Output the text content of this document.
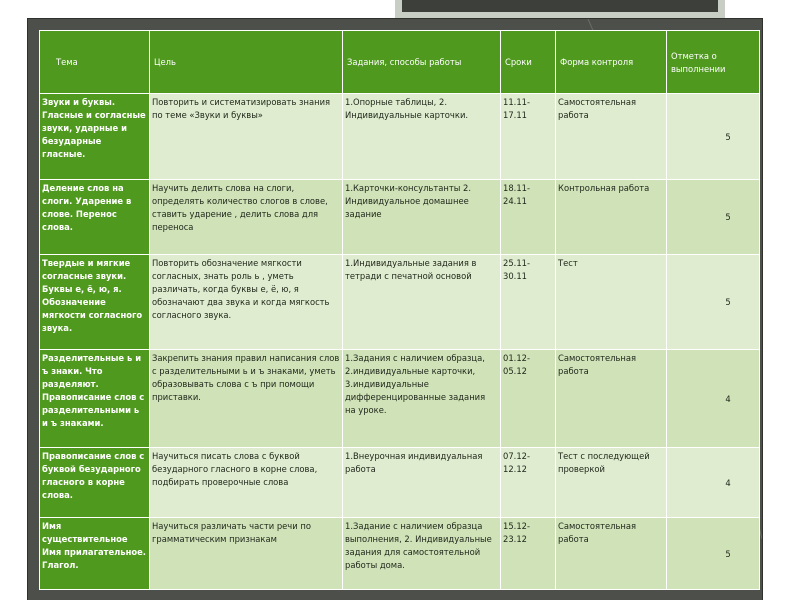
Тема	Цель	Задания, способы работы	Сроки	Форма контроля	Отметка о выполнении
Звуки и буквы. Гласные и согласные звуки, ударные и безударные гласные.	Повторить и систематизировать знания по теме «Звуки и буквы»	1.Опорные таблицы, 2. Индивидуальные карточки.	11.11-17.11	Самостоятельная работа	5
Деление слов на слоги. Ударение в слове. Перенос слова.	Научить делить слова на слоги, определять количество слогов в слове, ставить ударение , делить слова для переноса	1.Карточки-консультанты 2. Индивидуальное домашнее задание	18.11-24.11	Контрольная работа	5
Твердые и мягкие согласные звуки. Буквы е, ё, ю, я. Обозначение мягкости согласного звука.	Повторить обозначение мягкости согласных, знать роль ь , уметь различать, когда буквы е, ё, ю, я обозначают два звука и когда мягкость согласного звука.	1.Индивидуальные задания в тетради с печатной основой	25.11-30.11	Тест	5
Разделительные ь и ъ знаки. Что разделяют. Правописание слов с разделительными ь и ъ знаками.	Закрепить знания правил написания слов с разделительными ь и ъ знаками, уметь образовывать слова с ъ при помощи приставки.	1.Задания с наличием образца, 2.индивидуальные карточки, 3.индивидуальные дифференцированные задания на уроке.	01.12-05.12	Самостоятельная работа	4
Правописание слов с буквой безударного гласного в корне слова.	Научиться писать слова с буквой безударного гласного в корне слова, подбирать проверочные слова	1.Внеурочная индивидуальная работа	07.12-12.12	Тест с последующей проверкой	4
Имя существительное Имя прилагательное. Глагол.	Научиться различать части речи по грамматическим признакам	1.Задание с наличием образца выполнения, 2. Индивидуальные задания для самостоятельной работы дома.	15.12-23.12	Самостоятельная работа	5
